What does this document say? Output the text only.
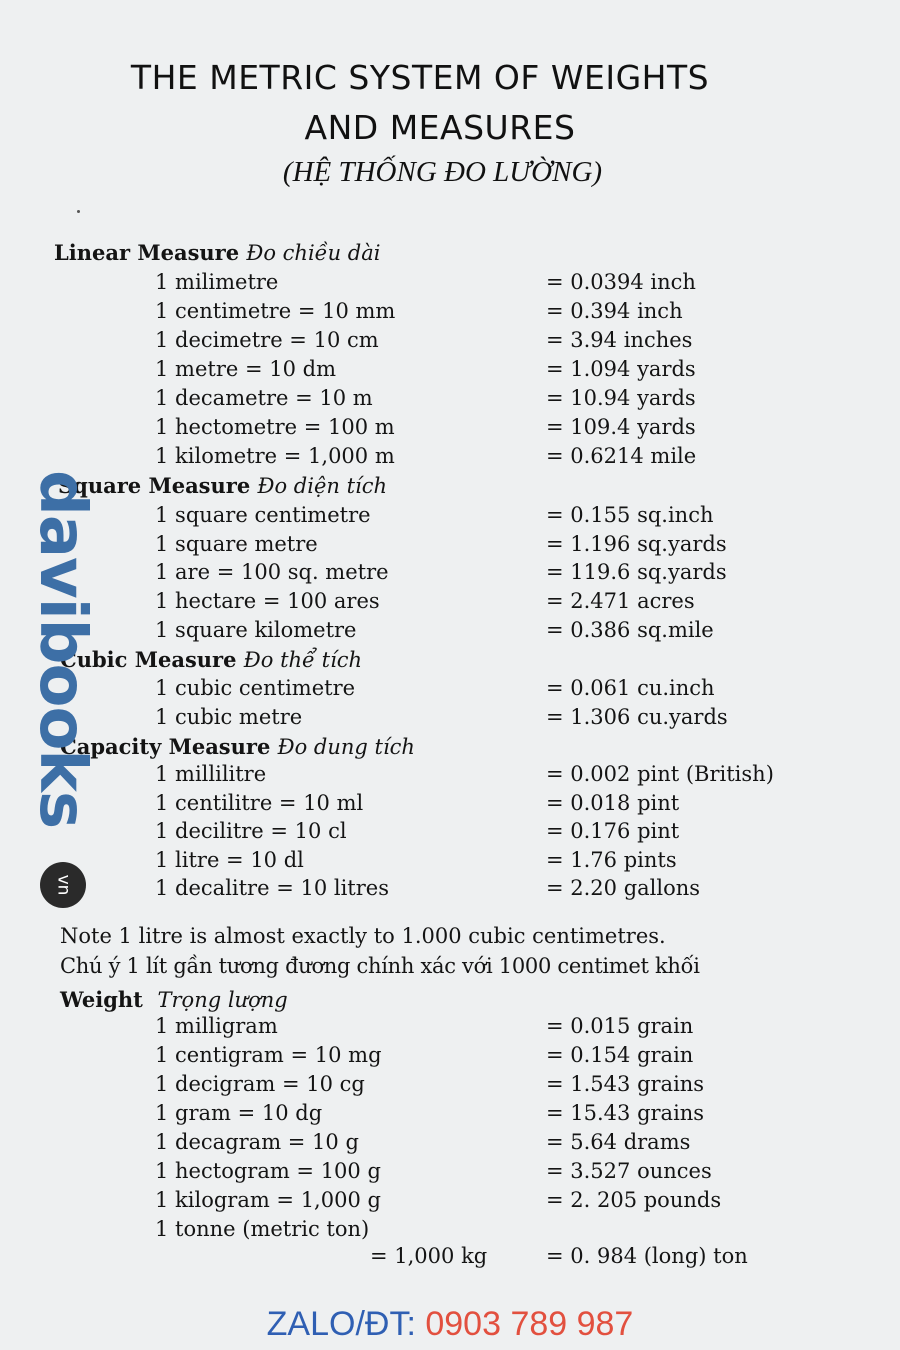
THE METRIC SYSTEM OF WEIGHTS
AND MEASURES
(HỆ THỐNG ĐO LƯỜNG)
Linear Measure Đo chiều dài
1 milimetre	= 0.0394 inch
1 centimetre = 10 mm	= 0.394 inch
1 decimetre = 10 cm	= 3.94 inches
1 metre = 10 dm	= 1.094 yards
1 decametre = 10 m	= 10.94 yards
1 hectometre = 100 m	= 109.4 yards
1 kilometre = 1,000 m	= 0.6214 mile
Square Measure Đo diện tích
1 square centimetre	= 0.155 sq.inch
1 square metre	= 1.196 sq.yards
1 are = 100 sq. metre	= 119.6 sq.yards
1 hectare = 100 ares	= 2.471 acres
1 square kilometre	= 0.386 sq.mile
Cubic Measure Đo thể tích
1 cubic centimetre	= 0.061 cu.inch
1 cubic metre	= 1.306 cu.yards
Capacity Measure Đo dung tích
1 millilitre	= 0.002 pint (British)
1 centilitre = 10 ml	= 0.018 pint
1 decilitre = 10 cl	= 0.176 pint
1 litre = 10 dl	= 1.76 pints
1 decalitre = 10 litres	= 2.20 gallons
Note 1 litre is almost exactly to 1.000 cubic centimetres.
Chú ý 1 lít gần tương đương chính xác với 1000 centimet khối
Weight Trọng lượng
1 milligram	= 0.015 grain
1 centigram = 10 mg	= 0.154 grain
1 decigram = 10 cg	= 1.543 grains
1 gram = 10 dg	= 15.43 grains
1 decagram = 10 g	= 5.64 drams
1 hectogram = 100 g	= 3.527 ounces
1 kilogram = 1,000 g	= 2. 205 pounds
1 tonne (metric ton)
= 1,000 kg	= 0. 984 (long) ton
davibooks
vn
ZALO/ĐT: 0903 789 987
